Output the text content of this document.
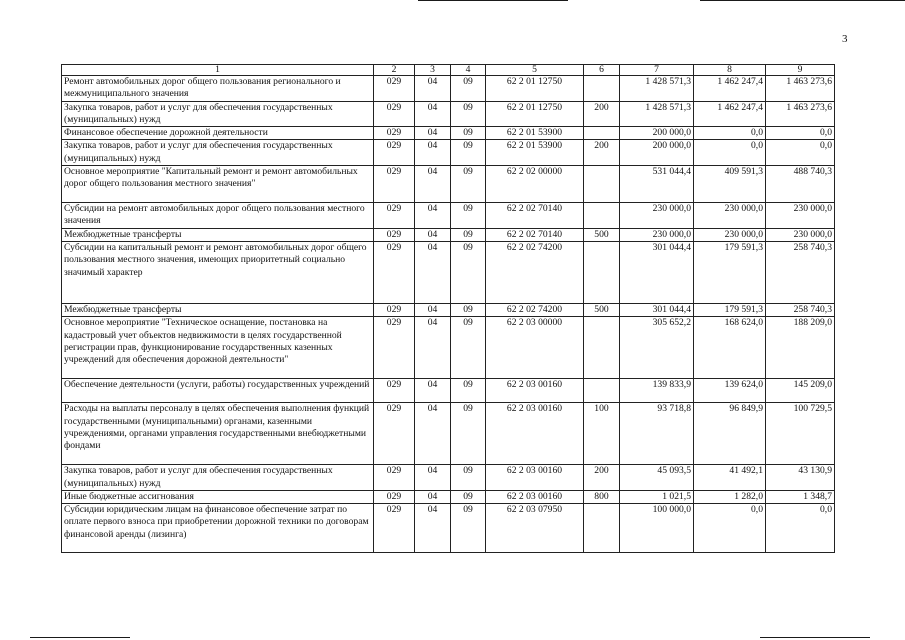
3
1	2	3	4	5	6	7	8	9
Ремонт автомобильных дорог общего пользования регионального и межмуниципального значения	029	04	09	62 2 01 12750		1 428 571,3	1 462 247,4	1 463 273,6
Закупка товаров, работ и услуг для обеспечения государственных (муниципальных) нужд	029	04	09	62 2 01 12750	200	1 428 571,3	1 462 247,4	1 463 273,6
Финансовое обеспечение дорожной деятельности	029	04	09	62 2 01 53900		200 000,0	0,0	0,0
Закупка товаров, работ и услуг для обеспечения государственных (муниципальных) нужд	029	04	09	62 2 01 53900	200	200 000,0	0,0	0,0
Основное мероприятие "Капитальный ремонт и ремонт автомобильных дорог общего пользования местного значения"	029	04	09	62 2 02 00000		531 044,4	409 591,3	488 740,3
Субсидии на ремонт автомобильных дорог общего пользования местного значения	029	04	09	62 2 02 70140		230 000,0	230 000,0	230 000,0
Межбюджетные трансферты	029	04	09	62 2 02 70140	500	230 000,0	230 000,0	230 000,0
Субсидии на капитальный ремонт и ремонт автомобильных дорог общего пользования местного значения, имеющих приоритетный социально значимый характер	029	04	09	62 2 02 74200		301 044,4	179 591,3	258 740,3
Межбюджетные трансферты	029	04	09	62 2 02 74200	500	301 044,4	179 591,3	258 740,3
Основное мероприятие "Техническое оснащение, постановка на кадастровый учет объектов недвижимости в целях государственной регистрации прав, функционирование государственных казенных учреждений для обеспечения дорожной деятельности"	029	04	09	62 2 03 00000		305 652,2	168 624,0	188 209,0
Обеспечение деятельности (услуги, работы) государственных учреждений	029	04	09	62 2 03 00160		139 833,9	139 624,0	145 209,0
Расходы на выплаты персоналу в целях обеспечения выполнения функций государственными (муниципальными) органами, казенными учреждениями, органами управления государственными внебюджетными фондами	029	04	09	62 2 03 00160	100	93 718,8	96 849,9	100 729,5
Закупка товаров, работ и услуг для обеспечения государственных (муниципальных) нужд	029	04	09	62 2 03 00160	200	45 093,5	41 492,1	43 130,9
Иные бюджетные ассигнования	029	04	09	62 2 03 00160	800	1 021,5	1 282,0	1 348,7
Субсидии юридическим лицам на финансовое обеспечение затрат по оплате первого взноса при приобретении дорожной техники по договорам финансовой аренды (лизинга)	029	04	09	62 2 03 07950		100 000,0	0,0	0,0
